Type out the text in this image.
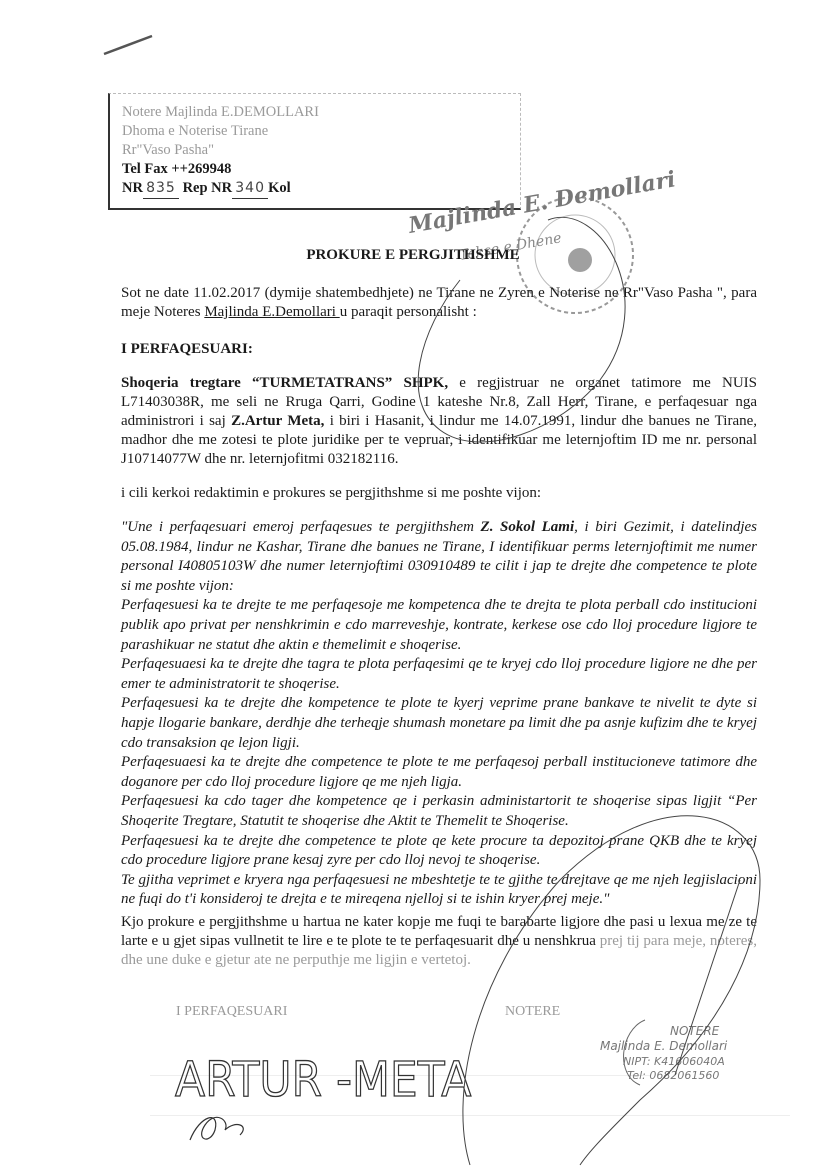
Notere Majlinda E.DEMOLLARI
Dhoma e Noterise Tirane
Rr"Vaso Pasha"
Tel Fax ++269948
NR 835 Rep NR 340 Kol	Majlinda E. Demollari
Takse e Dhene
PROKURE E PERGJITHSHME
Sot ne date 11.02.2017 (dymije shatembedhjete) ne Tirane ne Zyren e Noterise ne Rr"Vaso Pasha ", para meje Noteres Majlinda E.Demollari u paraqit personalisht :
I PERFAQESUARI:
Shoqeria tregtare “TURMETATRANS” SHPK, e regjistruar ne organet tatimore me NUIS L71403038R, me seli ne Rruga Qarri, Godine 1 kateshe Nr.8, Zall Herr, Tirane, e perfaqesuar nga administrori i saj Z.Artur Meta, i biri i Hasanit, i lindur me 14.07.1991, lindur dhe banues ne Tirane, madhor dhe me zotesi te plote juridike per te vepruar, i identifikuar me leternjoftim ID me nr. personal J10714077W dhe nr. leternjofitmi 032182116.
i cili kerkoi redaktimin e prokures se pergjithshme si me poshte vijon:
"Une i perfaqesuari emeroj perfaqesues te pergjithshem Z. Sokol Lami, i biri Gezimit, i datelindjes 05.08.1984, lindur ne Kashar, Tirane dhe banues ne Tirane, I identifikuar perms leternjoftimit me numer personal I40805103W dhe numer leternjoftimi 030910489 te cilit i jap te drejte dhe competence te plote si me poshte vijon:
Perfaqesuesi ka te drejte te me perfaqesoje me kompetenca dhe te drejta te plota perball cdo institucioni publik apo privat per nenshkrimin e cdo marreveshje, kontrate, kerkese ose cdo lloj procedure ligjore te parashikuar ne statut dhe aktin e themelimit e shoqerise.
Perfaqesuaesi ka te drejte dhe tagra te plota perfaqesimi qe te kryej cdo lloj procedure ligjore ne dhe per emer te administratorit te shoqerise.
Perfaqesuesi ka te drejte dhe kompetence te plote te kyerj veprime prane bankave te nivelit te dyte si hapje llogarie bankare, derdhje dhe terheqje shumash monetare pa limit dhe pa asnje kufizim dhe te kryej cdo transaksion qe lejon ligji.
Perfaqesuaesi ka te drejte dhe competence te plote te me perfaqesoj perball institucioneve tatimore dhe doganore per cdo lloj procedure ligjore qe me njeh ligja.
Perfaqesuesi ka cdo tager dhe kompetence qe i perkasin administartorit te shoqerise sipas ligjit “Per Shoqerite Tregtare, Statutit te shoqerise dhe Aktit te Themelit te Shoqerise.
Perfaqesuesi ka te drejte dhe competence te plote qe kete procure ta depozitoj prane QKB dhe te kryej cdo procedure ligjore prane kesaj zyre per cdo lloj nevoj te shoqerise.
Te gjitha veprimet e kryera nga perfaqesuesi ne mbeshtetje te te gjithe te drejtave qe me njeh legjislacioni ne fuqi do t'i konsideroj te drejta e te mireqena njelloj si te ishin kryer prej meje."
Kjo prokure e pergjithshme u hartua ne kater kopje me fuqi te barabarte ligjore dhe pasi u lexua me ze te larte e u gjet sipas vullnetit te lire e te plote te te perfaqesuarit dhe u nenshkrua prej tij para meje, noteres, dhe une duke e gjetur ate ne perputhje me ligjin e vertetoj.
I PERFAQESUARI	NOTERE
ARTUR -META
NOTERE
Majlinda E. Demollari
NIPT: K41606040A
Tel: 0682061560
